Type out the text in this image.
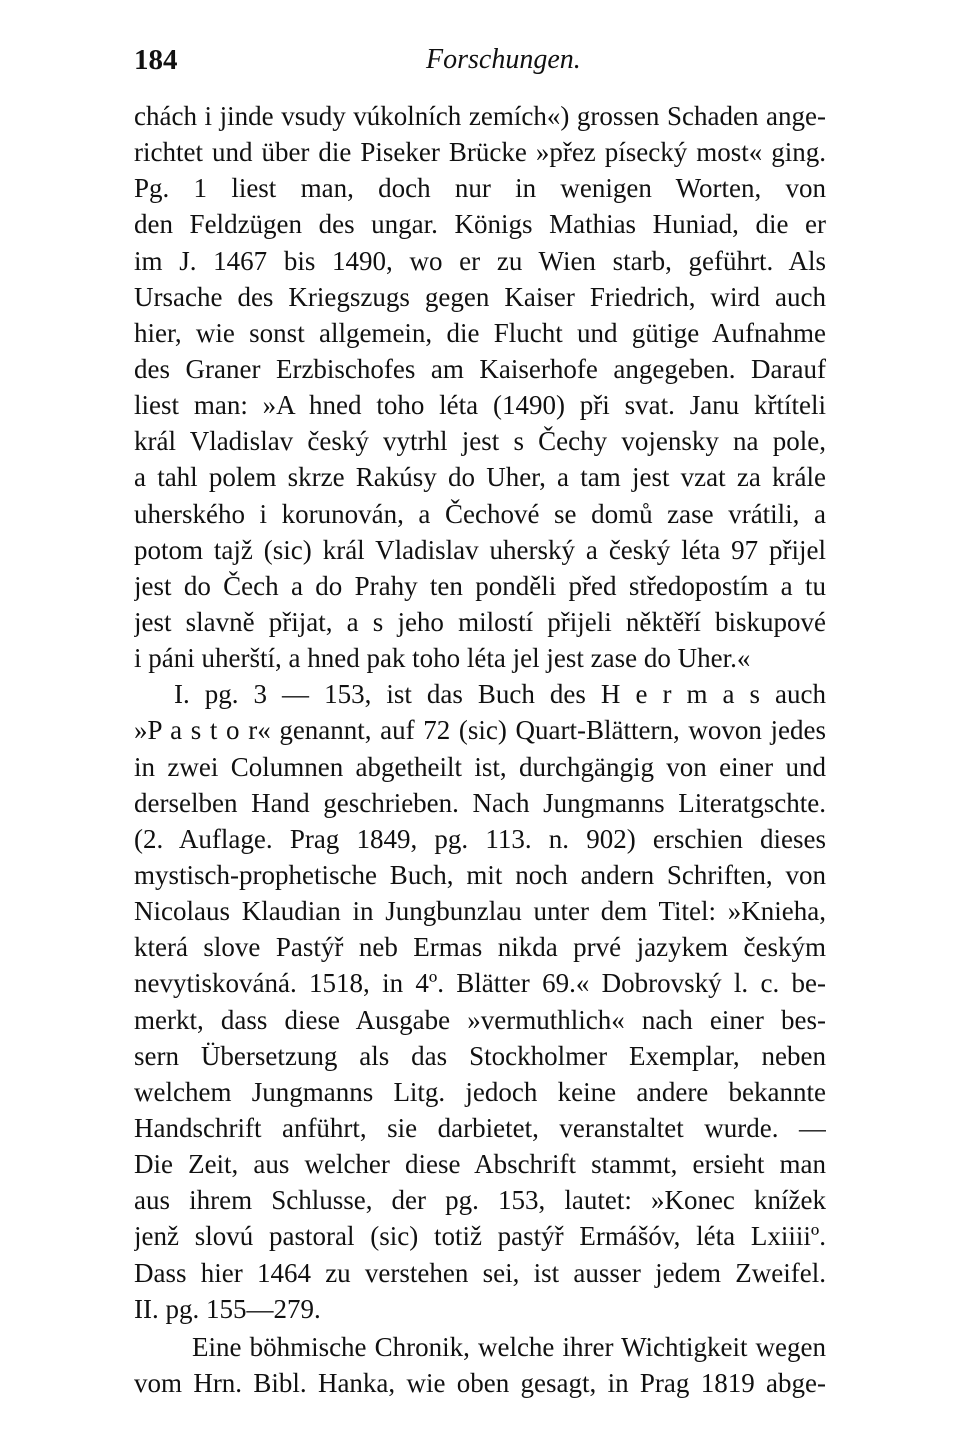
184	Forschungen.
chách i jinde vsudy vúkolních zemích«) grossen Schaden ange-
richtet und über die Piseker Brücke »přez písecký most« ging.
Pg. 1 liest man, doch nur in wenigen Worten, von
den Feldzügen des ungar. Königs Mathias Huniad, die er
im J. 1467 bis 1490, wo er zu Wien starb, geführt. Als
Ursache des Kriegszugs gegen Kaiser Friedrich, wird auch
hier, wie sonst allgemein, die Flucht und gütige Aufnahme
des Graner Erzbischofes am Kaiserhofe angegeben. Darauf
liest man: »A hned toho léta (1490) při svat. Janu křtíteli
král Vladislav český vytrhl jest s Čechy vojensky na pole,
a tahl polem skrze Rakúsy do Uher, a tam jest vzat za krále
uherského i korunován, a Čechové se domů zase vrátili, a
potom tajž (sic) král Vladislav uherský a český léta 97 přijel
jest do Čech a do Prahy ten ponděli před středopostím a tu
jest slavně přijat, a s jeho milostí přijeli něktěří biskupové
i páni uherští, a hned pak toho léta jel jest zase do Uher.«
I. pg. 3 — 153, ist das Buch des H e r m a s auch
»P a s t o r« genannt, auf 72 (sic) Quart-Blättern, wovon jedes
in zwei Columnen abgetheilt ist, durchgängig von einer und
derselben Hand geschrieben. Nach Jungmanns Literatgschte.
(2. Auflage. Prag 1849, pg. 113. n. 902) erschien dieses
mystisch-prophetische Buch, mit noch andern Schriften, von
Nicolaus Klaudian in Jungbunzlau unter dem Titel: »Knieha,
která slove Pastýř neb Ermas nikda prvé jazykem českým
nevytiskováná. 1518, in 4º. Blätter 69.« Dobrovský l. c. be-
merkt, dass diese Ausgabe »vermuthlich« nach einer bes-
sern Übersetzung als das Stockholmer Exemplar, neben
welchem Jungmanns Litg. jedoch keine andere bekannte
Handschrift anführt, sie darbietet, veranstaltet wurde. —
Die Zeit, aus welcher diese Abschrift stammt, ersieht man
aus ihrem Schlusse, der pg. 153, lautet: »Konec knížek
jenž slovú pastoral (sic) totiž pastýř Ermášóv, léta Lxiiiiº.
Dass hier 1464 zu verstehen sei, ist ausser jedem Zweifel.
II. pg. 155—279.
Eine böhmische Chronik, welche ihrer Wichtigkeit wegen
vom Hrn. Bibl. Hanka, wie oben gesagt, in Prag 1819 abge-
